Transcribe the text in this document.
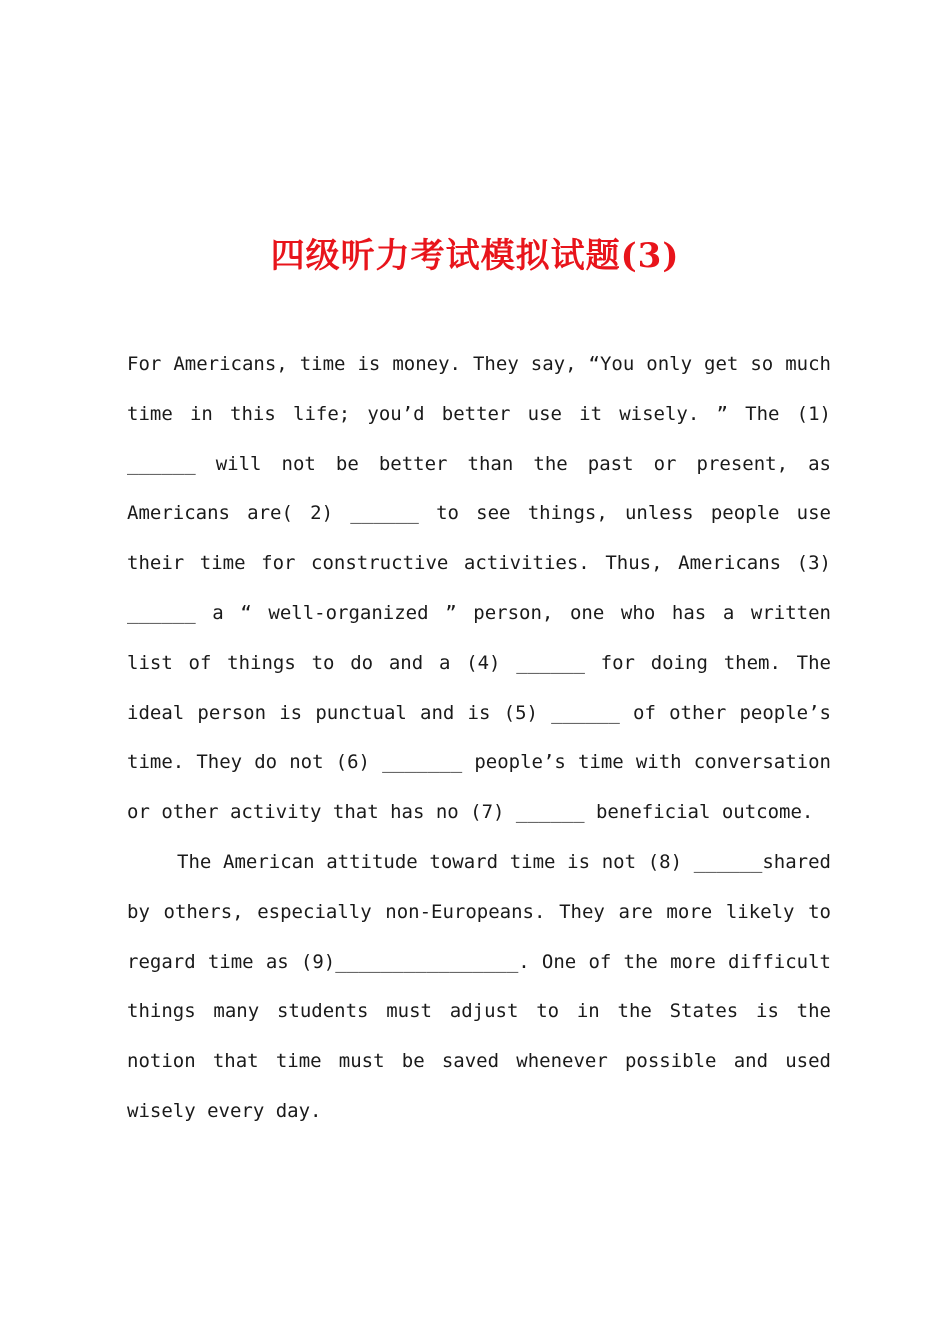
四级听力考试模拟试题(3)

For Americans, time is money. They say, “You only get so much time in this life; you’d better use it wisely. ” The (1) ______ will not be better than the past or present, as Americans are( 2) ______ to see things, unless people use their time for constructive activities. Thus, Americans (3) ______ a “ well-organized ” person, one who has a written list of things to do and a (4) ______ for doing them. The ideal person is punctual and is (5) ______ of other people’s time. They do not (6) _______ people’s time with conversation or other activity that has no (7) ______ beneficial outcome.

The American attitude toward time is not (8) ______shared by others, especially non-Europeans. They are more likely to regard time as (9)________________. One of the more difficult things many students must adjust to in the States is the notion that time must be saved whenever possible and used wisely every day.
